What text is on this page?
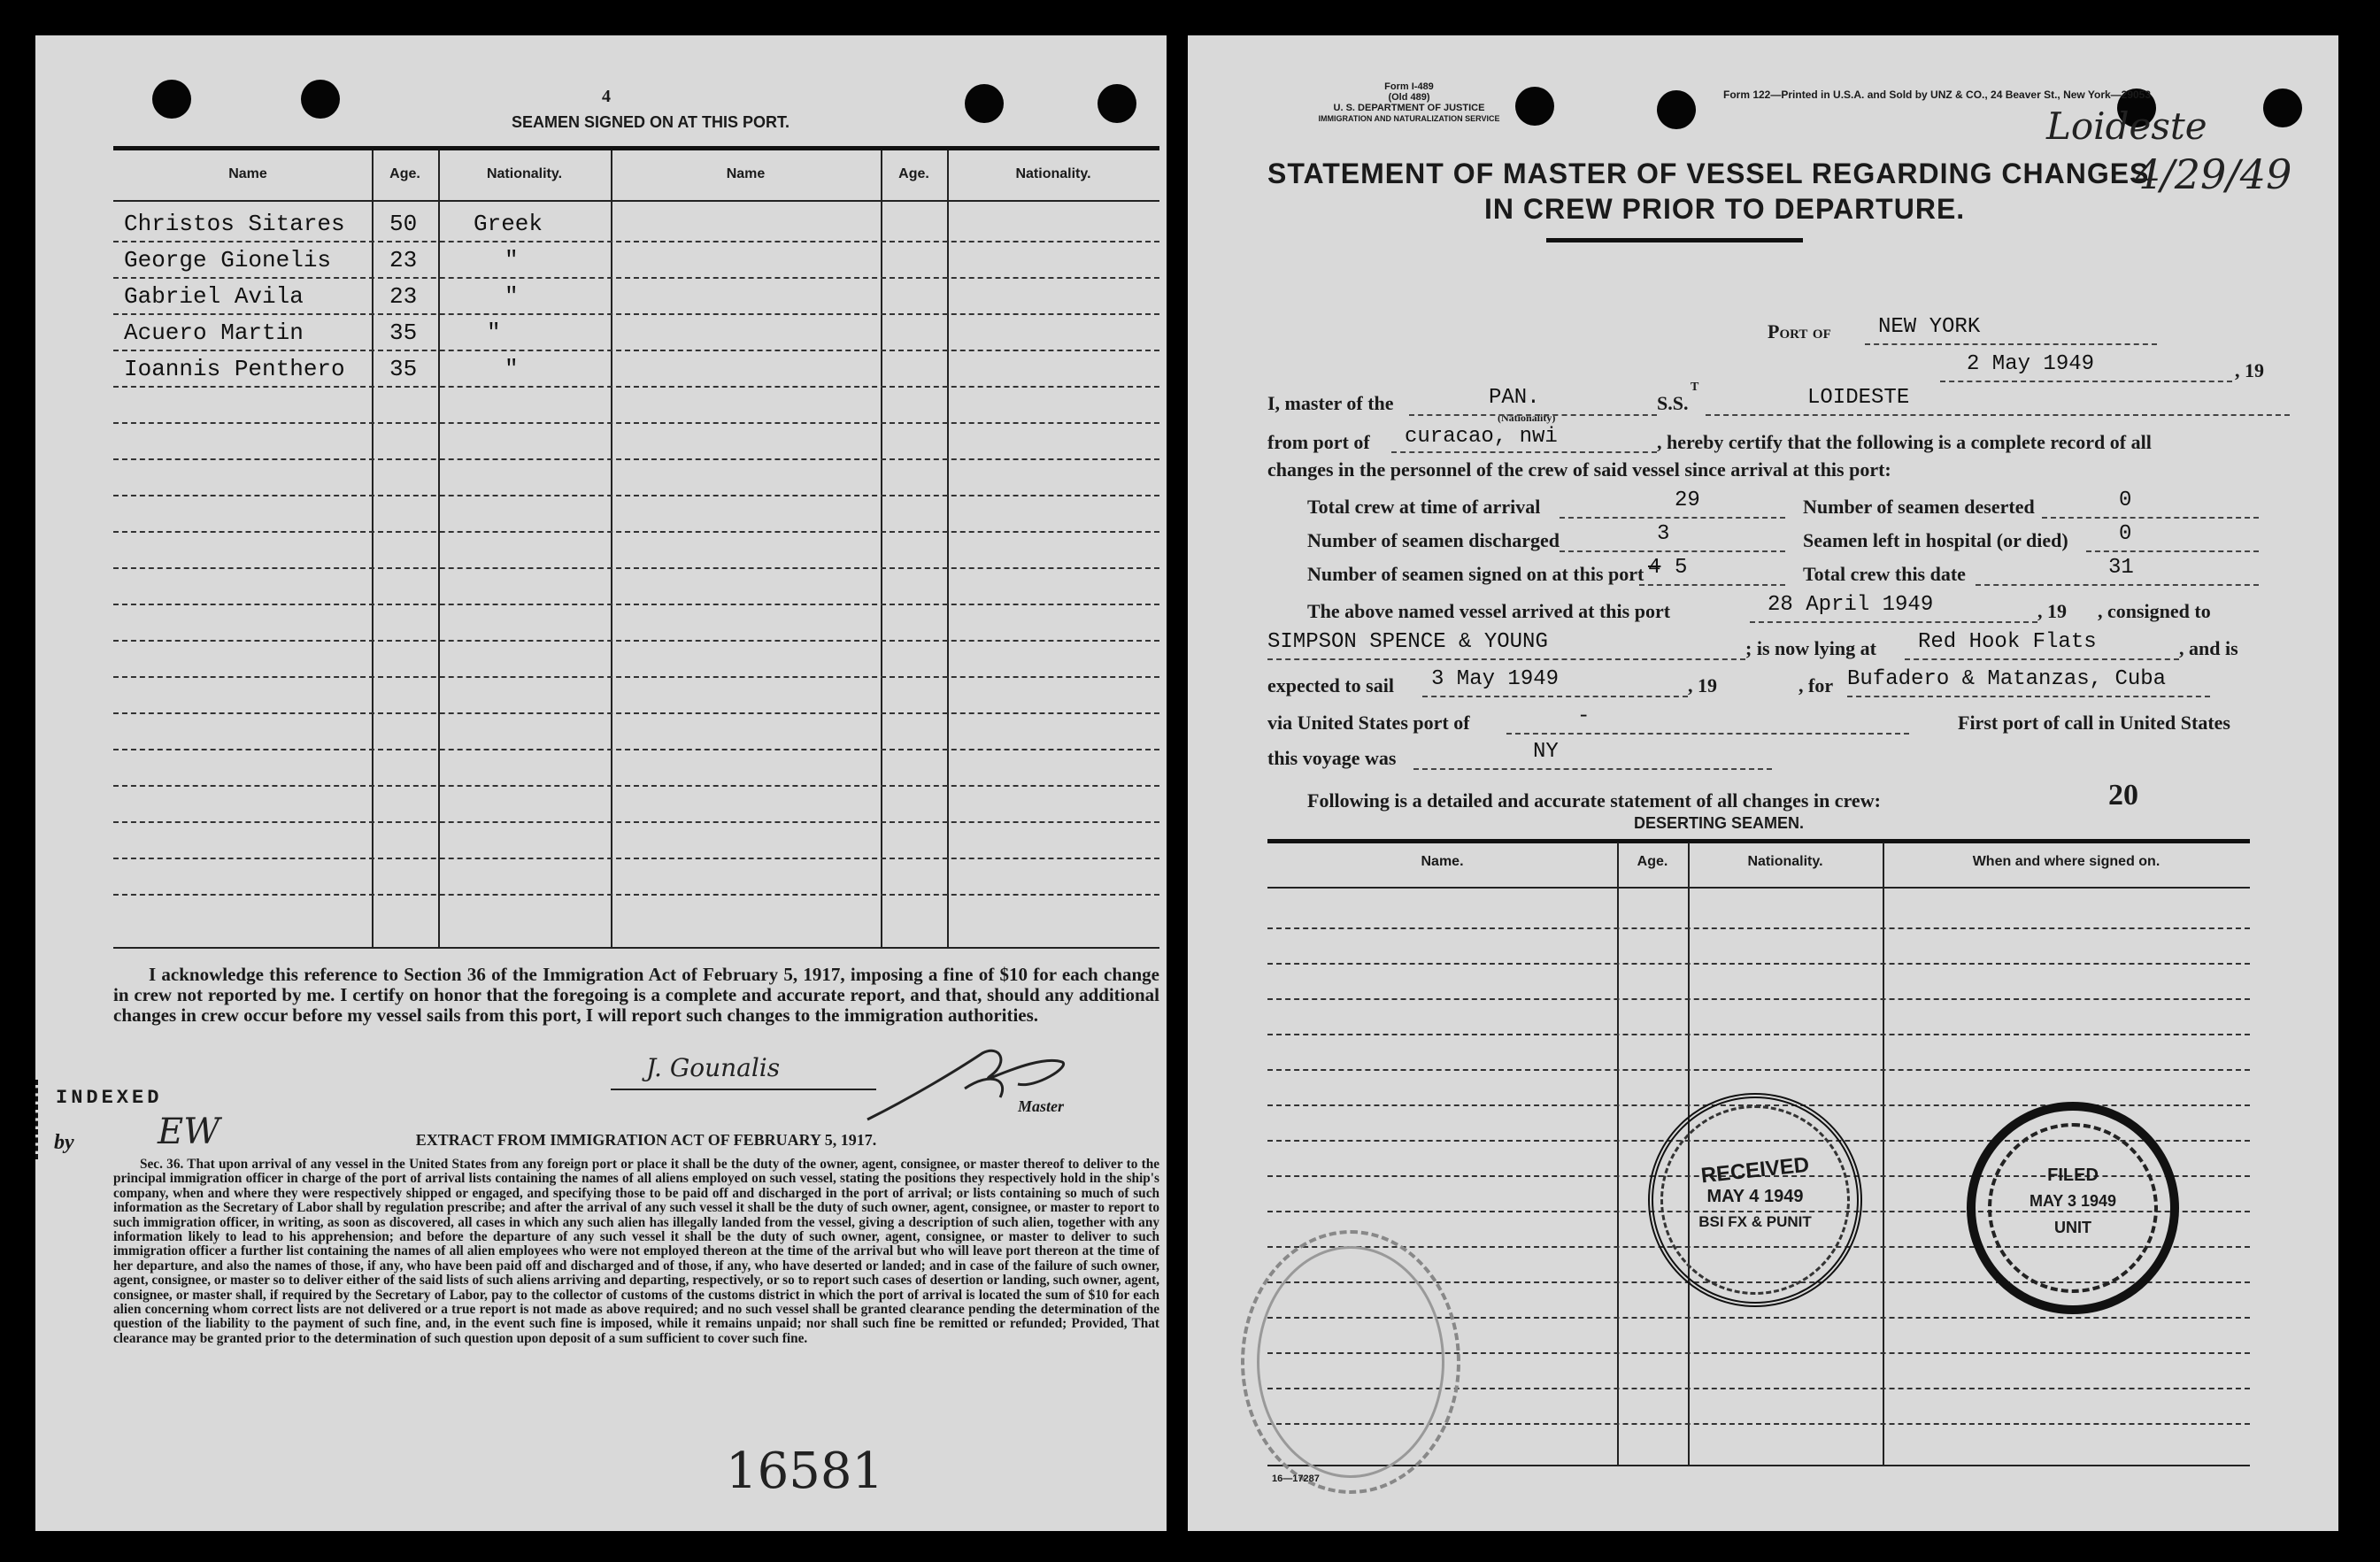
4
SEAMEN SIGNED ON AT THIS PORT.
Name	Age.	Nationality.	Name	Age.	Nationality.
Christos Sitares 50 Greek
George Gionelis	23	"
Gabriel Avila	23	"
Acuero Martin	35	"
Ioannis Penthero 35	"
I acknowledge this reference to Section 36 of the Immigration Act of February 5, 1917, imposing a fine of $10 for each change in crew not reported by me. I certify on honor that the foregoing is a complete and accurate report, and that, should any additional changes in crew occur before my vessel sails from this port, I will report such changes to the immigration authorities.
J. Gounalis
Master
INDEXED
by EW	EXTRACT FROM IMMIGRATION ACT OF FEBRUARY 5, 1917.
Sec. 36. That upon arrival of any vessel in the United States from any foreign port or place it shall be the duty of the owner, agent, consignee, or master thereof to deliver to the principal immigration officer in charge of the port of arrival lists containing the names of all aliens employed on such vessel, stating the positions they respectively hold in the ship's company, when and where they were respectively shipped or engaged, and specifying those to be paid off and discharged in the port of arrival; or lists containing so much of such information as the Secretary of Labor shall by regulation prescribe; and after the arrival of any such vessel it shall be the duty of such owner, agent, consignee, or master to report to such immigration officer, in writing, as soon as discovered, all cases in which any such alien has illegally landed from the vessel, giving a description of such alien, together with any information likely to lead to his apprehension; and before the departure of any such vessel it shall be the duty of such owner, agent, consignee, or master to deliver to such immigration officer a further list containing the names of all alien employees who were not employed thereon at the time of the arrival but who will leave port thereon at the time of her departure, and also the names of those, if any, who have been paid off and discharged and of those, if any, who have deserted or landed; and in case of the failure of such owner, agent, consignee, or master so to deliver either of the said lists of such aliens arriving and departing, respectively, or so to report such cases of desertion or landing, such owner, agent, consignee, or master shall, if required by the Secretary of Labor, pay to the collector of customs of the customs district in which the port of arrival is located the sum of $10 for each alien concerning whom correct lists are not delivered or a true report is not made as above required; and no such vessel shall be granted clearance pending the determination of the question of the liability to the payment of such fine, and, in the event such fine is imposed, while it remains unpaid; nor shall such fine be remitted or refunded; Provided, That clearance may be granted prior to the determination of such question upon deposit of a sum sufficient to cover such fine.
16581
Form I-489
(Old 489)
U. S. DEPARTMENT OF JUSTICE
IMMIGRATION AND NATURALIZATION SERVICE
Form 122—Printed in U.S.A. and Sold by UNZ & CO., 24 Beaver St., New York—29053
Loideste
4/29/49
STATEMENT OF MASTER OF VESSEL REGARDING CHANGES
IN CREW PRIOR TO DEPARTURE.
Port of NEW YORK
2 May 1949	, 19
I, master of the	PAN.
(Nationality)
S.S.
T	LOIDESTE
from port of curacao, nwi	, hereby certify that the following is a complete record of all
changes in the personnel of the crew of said vessel since arrival at this port:
Total crew at time of arrival	29	Number of seamen deserted	0
Number of seamen discharged	3	Seamen left in hospital (or died) 0
Number of seamen signed on at this port 4 5	Total crew this date	31
The above named vessel arrived at this port	28 April 1949	, 19 , consigned to
SIMPSON SPENCE & YOUNG	; is now lying at Red Hook Flats	, and is
expected to sail 3 May 1949	, 19	, for Bufadero & Matanzas, Cuba
via United States port of	-	First port of call in United States
this voyage was	NY
Following is a detailed and accurate statement of all changes in crew:	20
DESERTING SEAMEN.
Name.	Age.	Nationality.	When and where signed on.
RECEIVED
MAY 4 1949
BSI FX & PUNIT
FILED
MAY 3 1949
UNIT
16—17287
